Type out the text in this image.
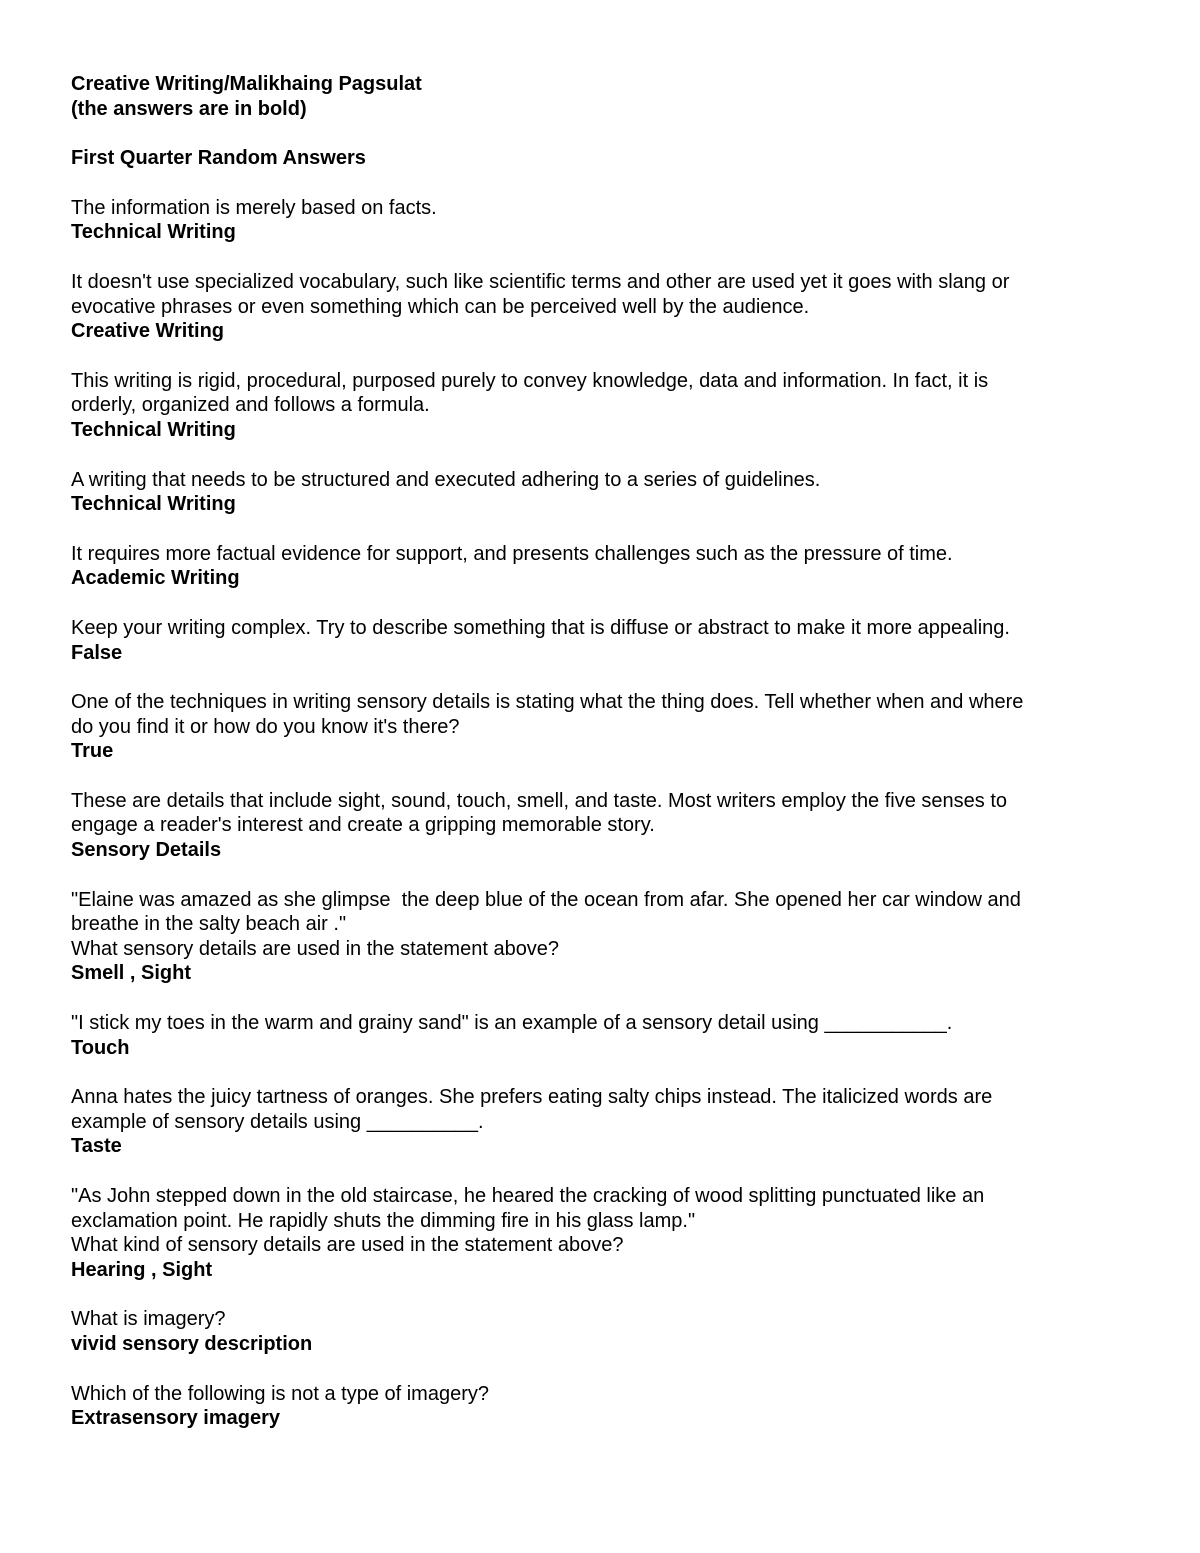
Creative Writing/Malikhaing Pagsulat
(the answers are in bold)
First Quarter Random Answers
The information is merely based on facts.
Technical Writing
It doesn't use specialized vocabulary, such like scientific terms and other are used yet it goes with slang or
evocative phrases or even something which can be perceived well by the audience.
Creative Writing
This writing is rigid, procedural, purposed purely to convey knowledge, data and information. In fact, it is
orderly, organized and follows a formula.
Technical Writing
A writing that needs to be structured and executed adhering to a series of guidelines.
Technical Writing
It requires more factual evidence for support, and presents challenges such as the pressure of time.
Academic Writing
Keep your writing complex. Try to describe something that is diffuse or abstract to make it more appealing.
False
One of the techniques in writing sensory details is stating what the thing does. Tell whether when and where
do you find it or how do you know it's there?
True
These are details that include sight, sound, touch, smell, and taste. Most writers employ the five senses to
engage a reader's interest and create a gripping memorable story.
Sensory Details
"Elaine was amazed as she glimpse  the deep blue of the ocean from afar. She opened her car window and
breathe in the salty beach air ."
What sensory details are used in the statement above?
Smell , Sight
"I stick my toes in the warm and grainy sand" is an example of a sensory detail using ___________.
Touch
Anna hates the juicy tartness of oranges. She prefers eating salty chips instead. The italicized words are
example of sensory details using __________.
Taste
"As John stepped down in the old staircase, he heared the cracking of wood splitting punctuated like an
exclamation point. He rapidly shuts the dimming fire in his glass lamp."
What kind of sensory details are used in the statement above?
Hearing , Sight
What is imagery?
vivid sensory description
Which of the following is not a type of imagery?
Extrasensory imagery
